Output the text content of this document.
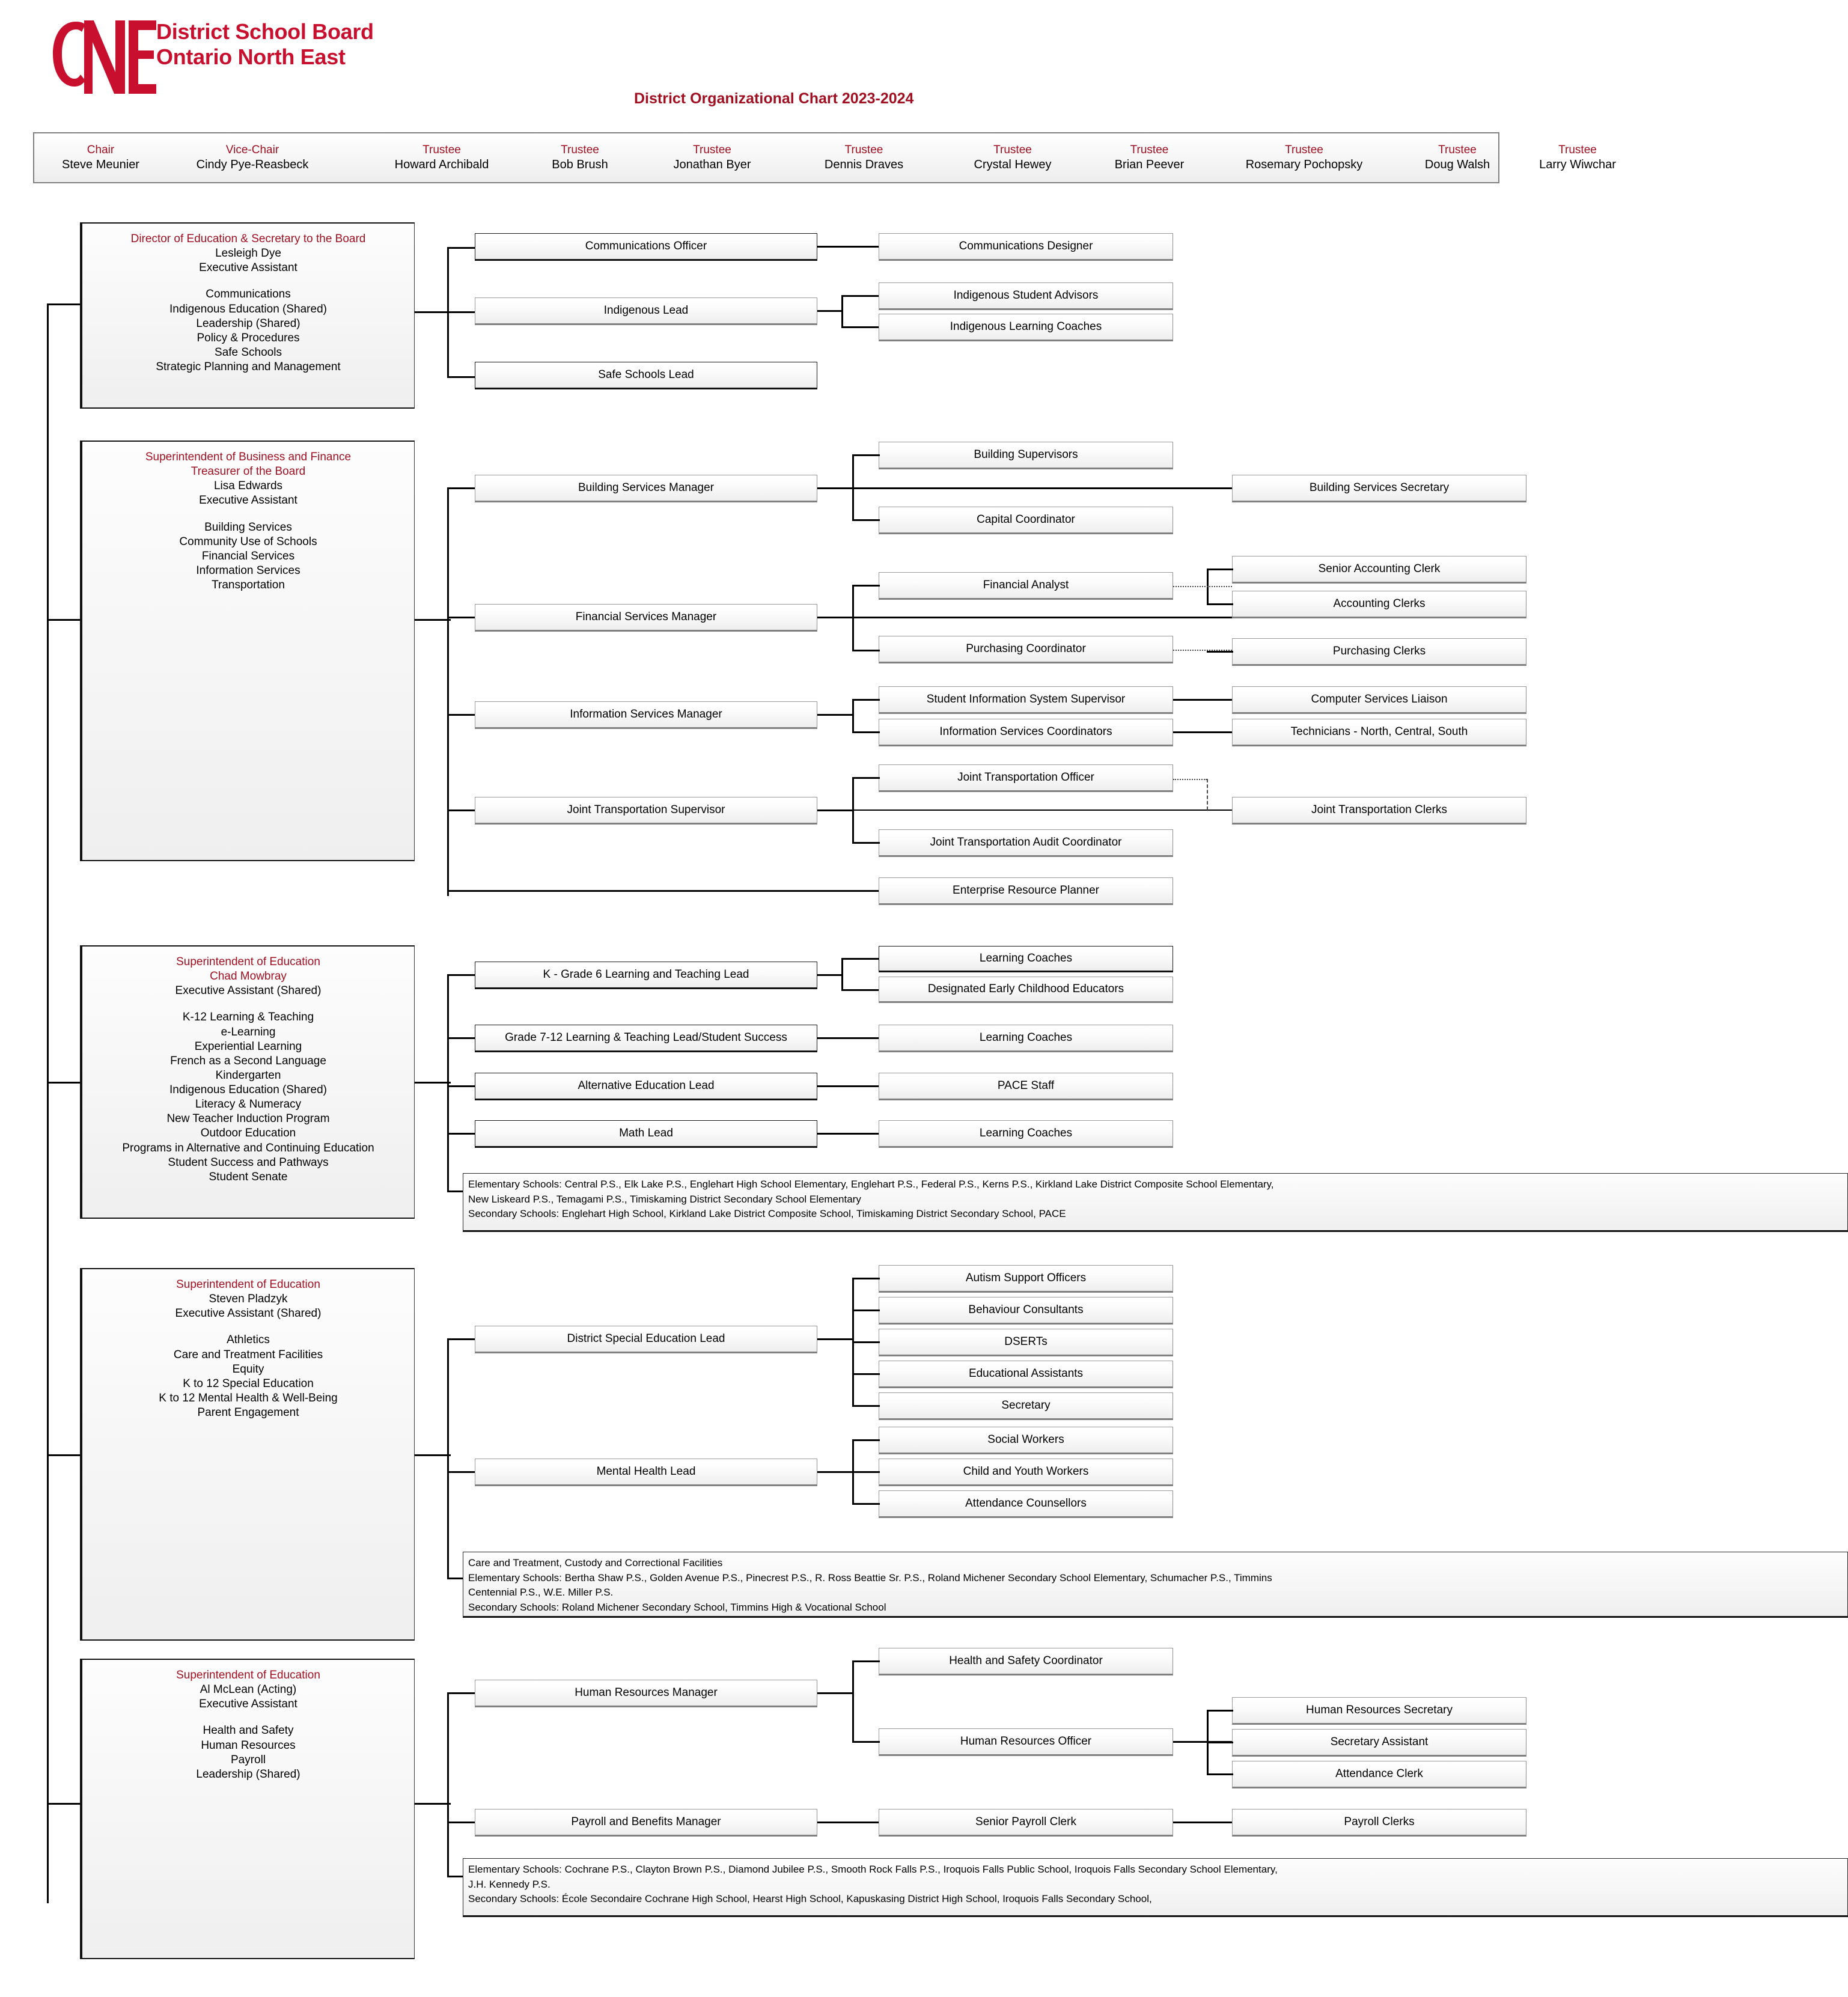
District School Board
Ontario North East
District Organizational Chart 2023-2024
Chair
Steve Meunier
Vice-Chair
Cindy Pye-Reasbeck
Trustee
Howard Archibald
Trustee
Bob Brush
Trustee
Jonathan Byer
Trustee
Dennis Draves
Trustee
Crystal Hewey
Trustee
Brian Peever
Trustee
Rosemary Pochopsky
Trustee
Doug Walsh
Trustee
Larry Wiwchar
Director of Education & Secretary to the Board
Lesleigh Dye
Executive Assistant
Communications
Indigenous Education (Shared)
Leadership (Shared)
Policy & Procedures
Safe Schools
Strategic Planning and Management
Communications Officer	Communications Designer
Indigenous Lead
Indigenous Student Advisors
Indigenous Learning Coaches
Safe Schools Lead
Superintendent of Business and Finance
Treasurer of the Board
Lisa Edwards
Executive Assistant
Building Services
Community Use of Schools
Financial Services
Information Services
Transportation
Building Services Manager
Building Supervisors
Capital Coordinator
Building Services Secretary
Financial Services Manager
Financial Analyst
Purchasing Coordinator
Senior Accounting Clerk
Accounting Clerks
Purchasing Clerks
Information Services Manager
Student Information System Supervisor
Information Services Coordinators
Computer Services Liaison
Technicians - North, Central, South
Joint Transportation Supervisor
Joint Transportation Officer
Joint Transportation Audit Coordinator
Joint Transportation Clerks
Enterprise Resource Planner
Superintendent of Education
Chad Mowbray
Executive Assistant (Shared)
K-12 Learning & Teaching
e-Learning
Experiential Learning
French as a Second Language
Kindergarten
Indigenous Education (Shared)
Literacy & Numeracy
New Teacher Induction Program
Outdoor Education
Programs in Alternative and Continuing Education
Student Success and Pathways
Student Senate
K - Grade 6 Learning and Teaching Lead
Learning Coaches
Designated Early Childhood Educators
Grade 7-12 Learning & Teaching Lead/Student Success	Learning Coaches
Alternative Education Lead	PACE Staff
Math Lead	Learning Coaches
Elementary Schools: Central P.S., Elk Lake P.S., Englehart High School Elementary, Englehart P.S., Federal P.S., Kerns P.S., Kirkland Lake District Composite School Elementary,
New Liskeard P.S., Temagami P.S., Timiskaming District Secondary School Elementary
Secondary Schools: Englehart High School, Kirkland Lake District Composite School, Timiskaming District Secondary School, PACE
Superintendent of Education
Steven Pladzyk
Executive Assistant (Shared)
Athletics
Care and Treatment Facilities
Equity
K to 12 Special Education
K to 12 Mental Health & Well-Being
Parent Engagement
District Special Education Lead
Autism Support Officers
Behaviour Consultants
DSERTs
Educational Assistants
Secretary
Mental Health Lead
Social Workers
Child and Youth Workers
Attendance Counsellors
Care and Treatment, Custody and Correctional Facilities
Elementary Schools: Bertha Shaw P.S., Golden Avenue P.S., Pinecrest P.S., R. Ross Beattie Sr. P.S., Roland Michener Secondary School Elementary, Schumacher P.S., Timmins
Centennial P.S., W.E. Miller P.S.
Secondary Schools: Roland Michener Secondary School, Timmins High & Vocational School
Superintendent of Education
Al McLean (Acting)
Executive Assistant
Health and Safety
Human Resources
Payroll
Leadership (Shared)
Human Resources Manager
Health and Safety Coordinator
Human Resources Officer
Human Resources Secretary
Secretary Assistant
Attendance Clerk
Payroll and Benefits Manager	Senior Payroll Clerk	Payroll Clerks
Elementary Schools: Cochrane P.S., Clayton Brown P.S., Diamond Jubilee P.S., Smooth Rock Falls P.S., Iroquois Falls Public School, Iroquois Falls Secondary School Elementary,
J.H. Kennedy P.S.
Secondary Schools: École Secondaire Cochrane High School, Hearst High School, Kapuskasing District High School, Iroquois Falls Secondary School,
